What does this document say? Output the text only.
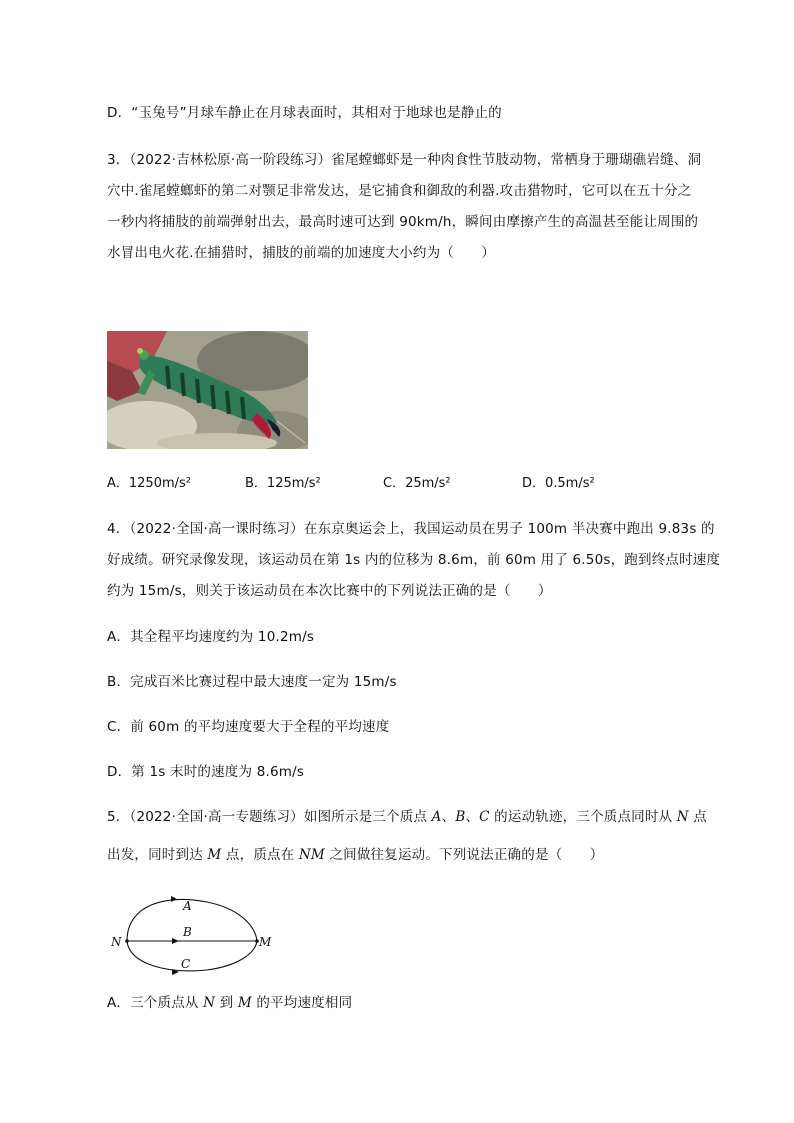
D．“玉兔号”月球车静止在月球表面时，其相对于地球也是静止的
3．（2022·吉林松原·高一阶段练习）雀尾螳螂虾是一种肉食性节肢动物，常栖身于珊瑚礁岩缝、洞
穴中.雀尾螳螂虾的第二对颚足非常发达，是它捕食和御敌的利器.攻击猎物时，它可以在五十分之
一秒内将捕肢的前端弹射出去，最高时速可达到 90km/h，瞬间由摩擦产生的高温甚至能让周围的
水冒出电火花.在捕猎时，捕肢的前端的加速度大小约为（　　）
A．1250m/s²	B．125m/s²	C．25m/s²	D．0.5m/s²
4．（2022·全国·高一课时练习）在东京奥运会上，我国运动员在男子 100m 半决赛中跑出 9.83s 的
好成绩。研究录像发现，该运动员在第 1s 内的位移为 8.6m，前 60m 用了 6.50s，跑到终点时速度
约为 15m/s，则关于该运动员在本次比赛中的下列说法正确的是（　　）
A．其全程平均速度约为 10.2m/s
B．完成百米比赛过程中最大速度一定为 15m/s
C．前 60m 的平均速度要大于全程的平均速度
D．第 1s 末时的速度为 8.6m/s
5．（2022·全国·高一专题练习）如图所示是三个质点 A、B、C 的运动轨迹，三个质点同时从 N 点
出发，同时到达 M 点，质点在 NM 之间做往复运动。下列说法正确的是（　　）
A
B
C
N	M
A．三个质点从 N 到 M 的平均速度相同
